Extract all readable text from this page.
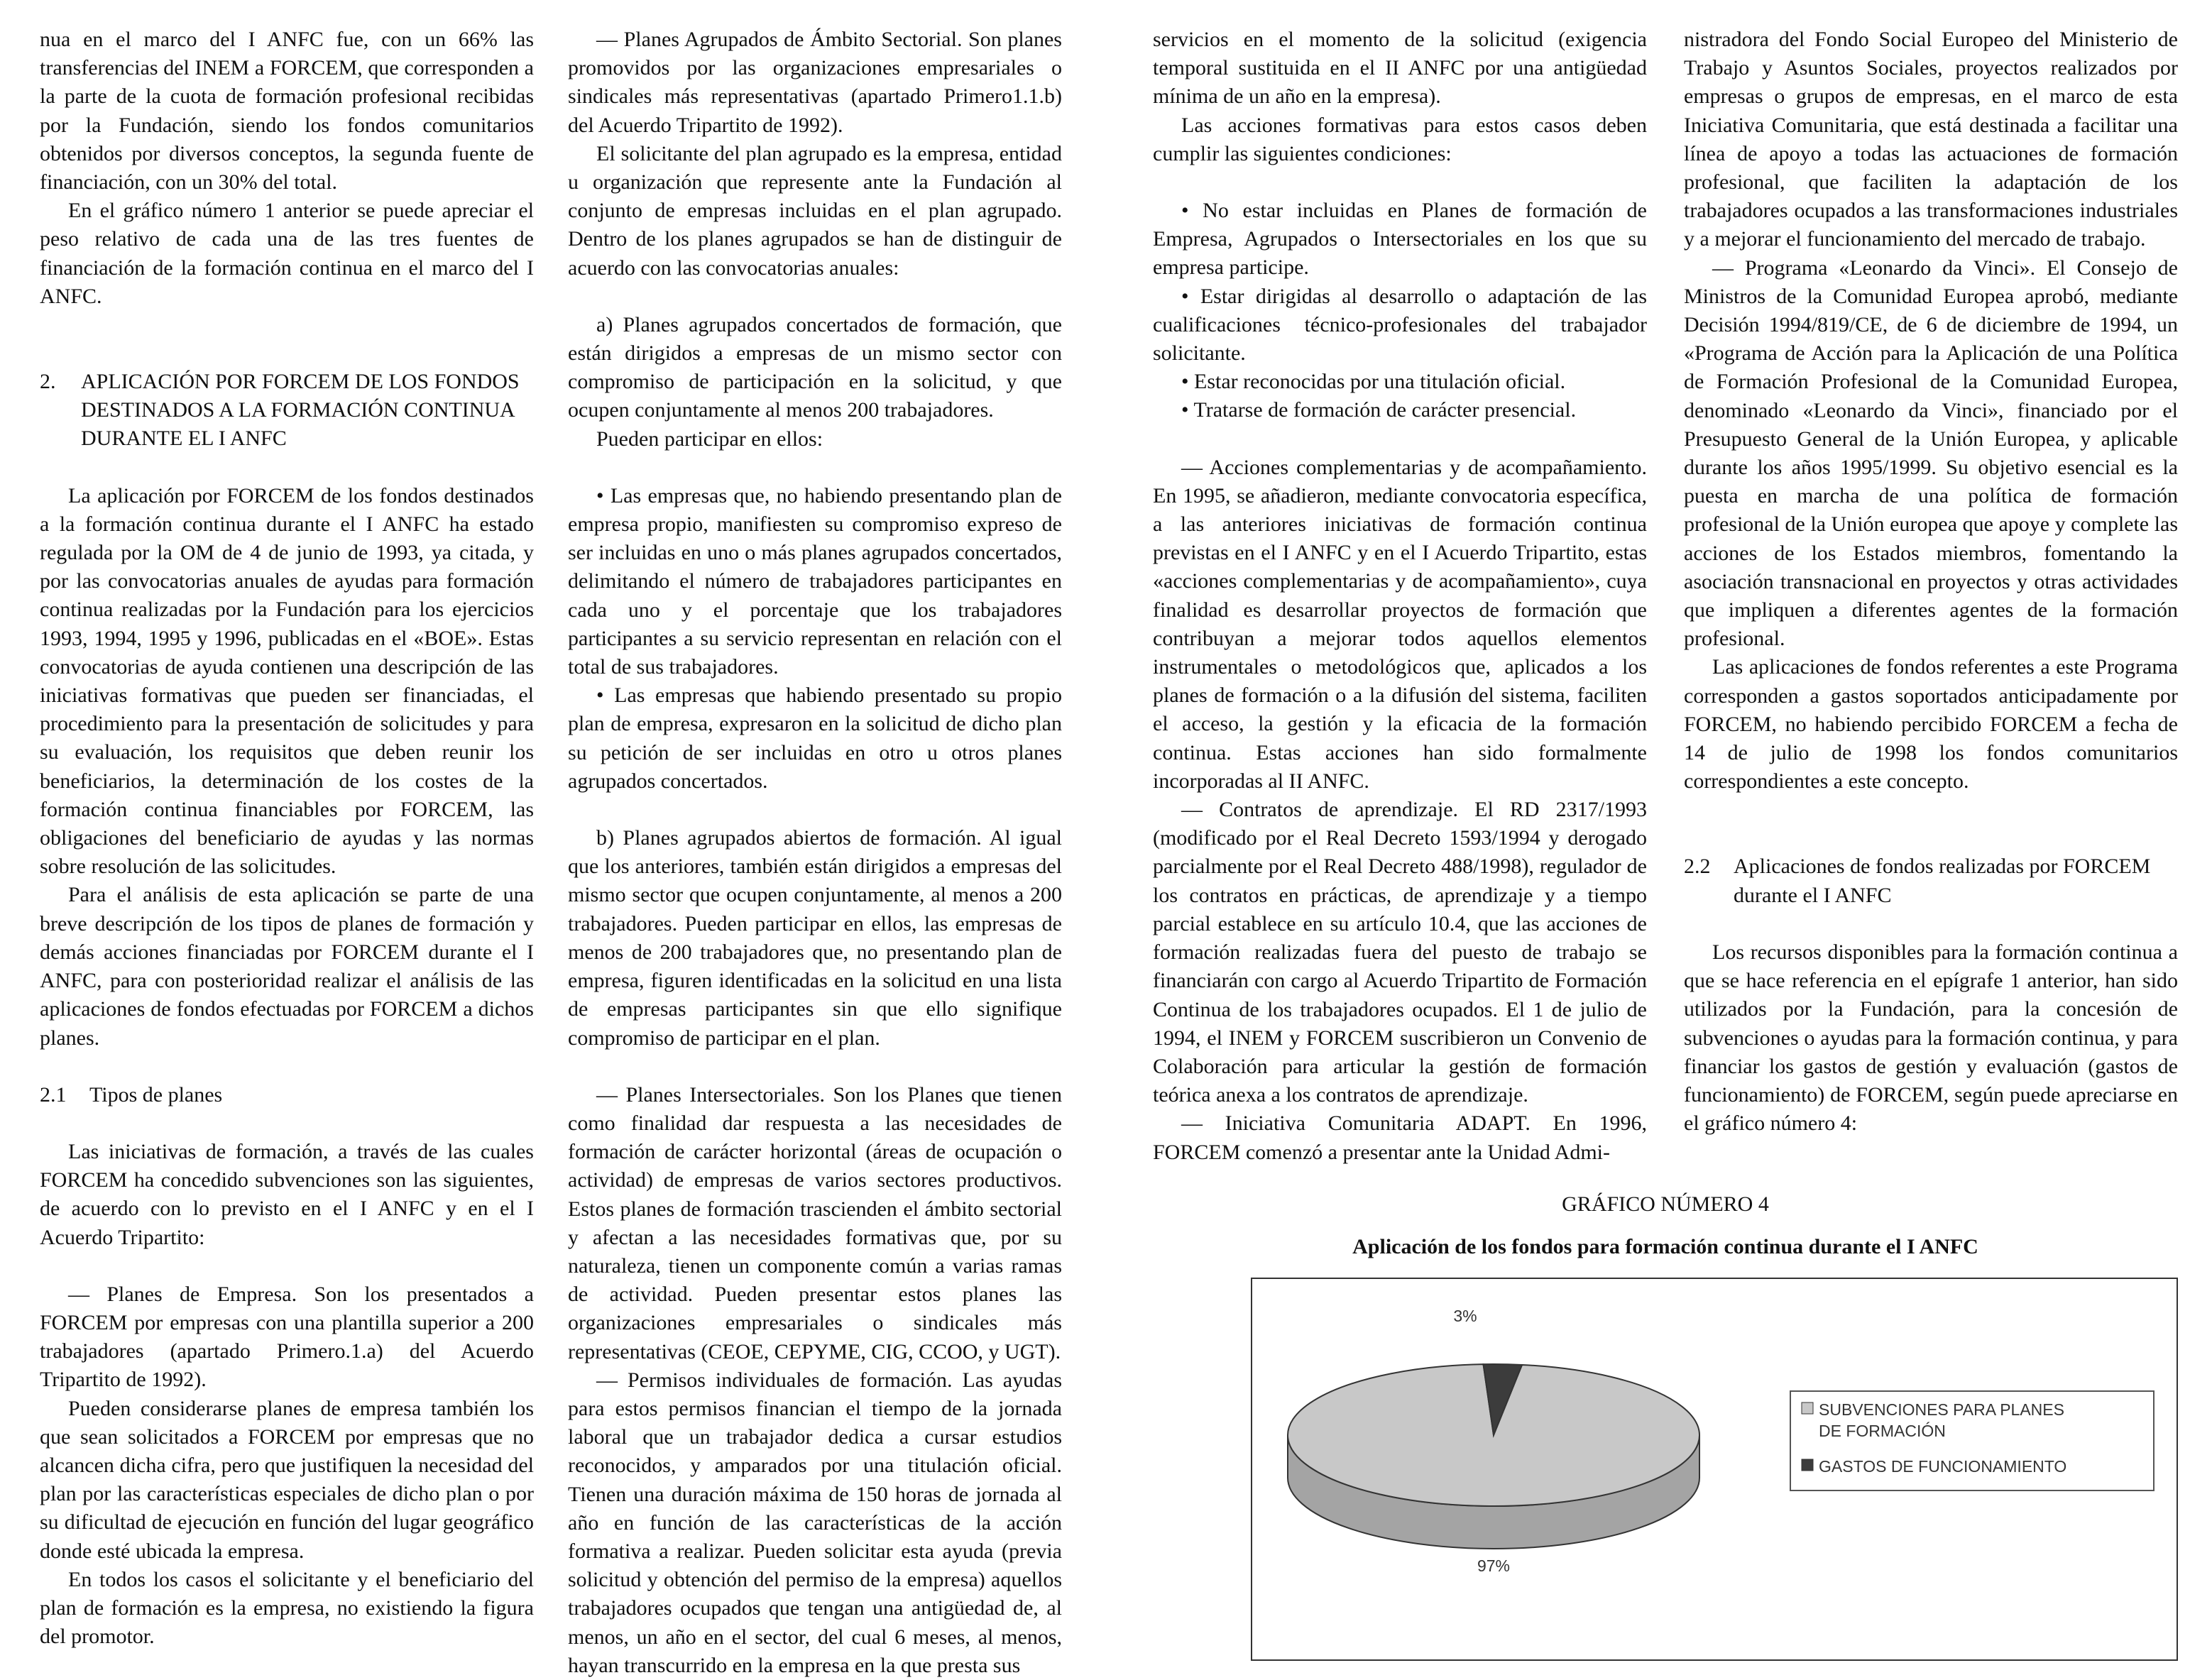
nua en el marco del I ANFC fue, con un 66% las transferencias del INEM a FORCEM, que corresponden a la parte de la cuota de formación profesional recibidas por la Fundación, siendo los fondos comunitarios obtenidos por diversos conceptos, la segunda fuente de financiación, con un 30% del total.

En el gráfico número 1 anterior se puede apreciar el peso relativo de cada una de las tres fuentes de financiación de la formación continua en el marco del I ANFC.

2.	APLICACIÓN POR FORCEM DE LOS FONDOS DESTINADOS A LA FORMACIÓN CONTINUA DURANTE EL I ANFC

La aplicación por FORCEM de los fondos destinados a la formación continua durante el I ANFC ha estado regulada por la OM de 4 de junio de 1993, ya citada, y por las convocatorias anuales de ayudas para formación continua realizadas por la Fundación para los ejercicios 1993, 1994, 1995 y 1996, publicadas en el «BOE». Estas convocatorias de ayuda contienen una descripción de las iniciativas formativas que pueden ser financiadas, el procedimiento para la presentación de solicitudes y para su evaluación, los requisitos que deben reunir los beneficiarios, la determinación de los costes de la formación continua financiables por FORCEM, las obligaciones del beneficiario de ayudas y las normas sobre resolución de las solicitudes.

Para el análisis de esta aplicación se parte de una breve descripción de los tipos de planes de formación y demás acciones financiadas por FORCEM durante el I ANFC, para con posterioridad realizar el análisis de las aplicaciones de fondos efectuadas por FORCEM a dichos planes.

2.1	Tipos de planes

Las iniciativas de formación, a través de las cuales FORCEM ha concedido subvenciones son las siguientes, de acuerdo con lo previsto en el I ANFC y en el I Acuerdo Tripartito:

— Planes de Empresa. Son los presentados a FORCEM por empresas con una plantilla superior a 200 trabajadores (apartado Primero.1.a) del Acuerdo Tripartito de 1992).

Pueden considerarse planes de empresa también los que sean solicitados a FORCEM por empresas que no alcancen dicha cifra, pero que justifiquen la necesidad del plan por las características especiales de dicho plan o por su dificultad de ejecución en función del lugar geográfico donde esté ubicada la empresa.

En todos los casos el solicitante y el beneficiario del plan de formación es la empresa, no existiendo la figura del promotor.

— Planes Agrupados de Ámbito Sectorial. Son planes promovidos por las organizaciones empresariales o sindicales más representativas (apartado Primero1.1.b) del Acuerdo Tripartito de 1992).

El solicitante del plan agrupado es la empresa, entidad u organización que represente ante la Fundación al conjunto de empresas incluidas en el plan agrupado. Dentro de los planes agrupados se han de distinguir de acuerdo con las convocatorias anuales:

a) Planes agrupados concertados de formación, que están dirigidos a empresas de un mismo sector con compromiso de participación en la solicitud, y que ocupen conjuntamente al menos 200 trabajadores.

Pueden participar en ellos:

• Las empresas que, no habiendo presentando plan de empresa propio, manifiesten su compromiso expreso de ser incluidas en uno o más planes agrupados concertados, delimitando el número de trabajadores participantes en cada uno y el porcentaje que los trabajadores participantes a su servicio representan en relación con el total de sus trabajadores.

• Las empresas que habiendo presentado su propio plan de empresa, expresaron en la solicitud de dicho plan su petición de ser incluidas en otro u otros planes agrupados concertados.

b) Planes agrupados abiertos de formación. Al igual que los anteriores, también están dirigidos a empresas del mismo sector que ocupen conjuntamente, al menos a 200 trabajadores. Pueden participar en ellos, las empresas de menos de 200 trabajadores que, no presentando plan de empresa, figuren identificadas en la solicitud en una lista de empresas participantes sin que ello signifique compromiso de participar en el plan.

— Planes Intersectoriales. Son los Planes que tienen como finalidad dar respuesta a las necesidades de formación de carácter horizontal (áreas de ocupación o actividad) de empresas de varios sectores productivos. Estos planes de formación trascienden el ámbito sectorial y afectan a las necesidades formativas que, por su naturaleza, tienen un componente común a varias ramas de actividad. Pueden presentar estos planes las organizaciones empresariales o sindicales más representativas (CEOE, CEPYME, CIG, CCOO, y UGT).

— Permisos individuales de formación. Las ayudas para estos permisos financian el tiempo de la jornada laboral que un trabajador dedica a cursar estudios reconocidos, y amparados por una titulación oficial. Tienen una duración máxima de 150 horas de jornada al año en función de las características de la acción formativa a realizar. Pueden solicitar esta ayuda (previa solicitud y obtención del permiso de la empresa) aquellos trabajadores ocupados que tengan una antigüedad de, al menos, un año en el sector, del cual 6 meses, al menos, hayan transcurrido en la empresa en la que presta sus

servicios en el momento de la solicitud (exigencia temporal sustituida en el II ANFC por una antigüedad mínima de un año en la empresa).

Las acciones formativas para estos casos deben cumplir las siguientes condiciones:

• No estar incluidas en Planes de formación de Empresa, Agrupados o Intersectoriales en los que su empresa participe.

• Estar dirigidas al desarrollo o adaptación de las cualificaciones técnico-profesionales del trabajador solicitante.

• Estar reconocidas por una titulación oficial.

• Tratarse de formación de carácter presencial.

— Acciones complementarias y de acompañamiento. En 1995, se añadieron, mediante convocatoria específica, a las anteriores iniciativas de formación continua previstas en el I ANFC y en el I Acuerdo Tripartito, estas «acciones complementarias y de acompañamiento», cuya finalidad es desarrollar proyectos de formación que contribuyan a mejorar todos aquellos elementos instrumentales o metodológicos que, aplicados a los planes de formación o a la difusión del sistema, faciliten el acceso, la gestión y la eficacia de la formación continua. Estas acciones han sido formalmente incorporadas al II ANFC.

— Contratos de aprendizaje. El RD 2317/1993 (modificado por el Real Decreto 1593/1994 y derogado parcialmente por el Real Decreto 488/1998), regulador de los contratos en prácticas, de aprendizaje y a tiempo parcial establece en su artículo 10.4, que las acciones de formación realizadas fuera del puesto de trabajo se financiarán con cargo al Acuerdo Tripartito de Formación Continua de los trabajadores ocupados. El 1 de julio de 1994, el INEM y FORCEM suscribieron un Convenio de Colaboración para articular la gestión de formación teórica anexa a los contratos de aprendizaje.

— Iniciativa Comunitaria ADAPT. En 1996, FORCEM comenzó a presentar ante la Unidad Admi-

nistradora del Fondo Social Europeo del Ministerio de Trabajo y Asuntos Sociales, proyectos realizados por empresas o grupos de empresas, en el marco de esta Iniciativa Comunitaria, que está destinada a facilitar una línea de apoyo a todas las actuaciones de formación profesional, que faciliten la adaptación de los trabajadores ocupados a las transformaciones industriales y a mejorar el funcionamiento del mercado de trabajo.

— Programa «Leonardo da Vinci». El Consejo de Ministros de la Comunidad Europea aprobó, mediante Decisión 1994/819/CE, de 6 de diciembre de 1994, un «Programa de Acción para la Aplicación de una Política de Formación Profesional de la Comunidad Europea, denominado «Leonardo da Vinci», financiado por el Presupuesto General de la Unión Europea, y aplicable durante los años 1995/1999. Su objetivo esencial es la puesta en marcha de una política de formación profesional de la Unión europea que apoye y complete las acciones de los Estados miembros, fomentando la asociación transnacional en proyectos y otras actividades que impliquen a diferentes agentes de la formación profesional.

Las aplicaciones de fondos referentes a este Programa corresponden a gastos soportados anticipadamente por FORCEM, no habiendo percibido FORCEM a fecha de 14 de julio de 1998 los fondos comunitarios correspondientes a este concepto.

2.2	Aplicaciones de fondos realizadas por FORCEM durante el I ANFC

Los recursos disponibles para la formación continua a que se hace referencia en el epígrafe 1 anterior, han sido utilizados por la Fundación, para la concesión de subvenciones o ayudas para la formación continua, y para financiar los gastos de gestión y evaluación (gastos de funcionamiento) de FORCEM, según puede apreciarse en el gráfico número 4:

GRÁFICO NÚMERO 4
Aplicación de los fondos para formación continua durante el I ANFC
3%
97%
SUBVENCIONES PARA PLANES
DE FORMACIÓN
GASTOS DE FUNCIONAMIENTO
